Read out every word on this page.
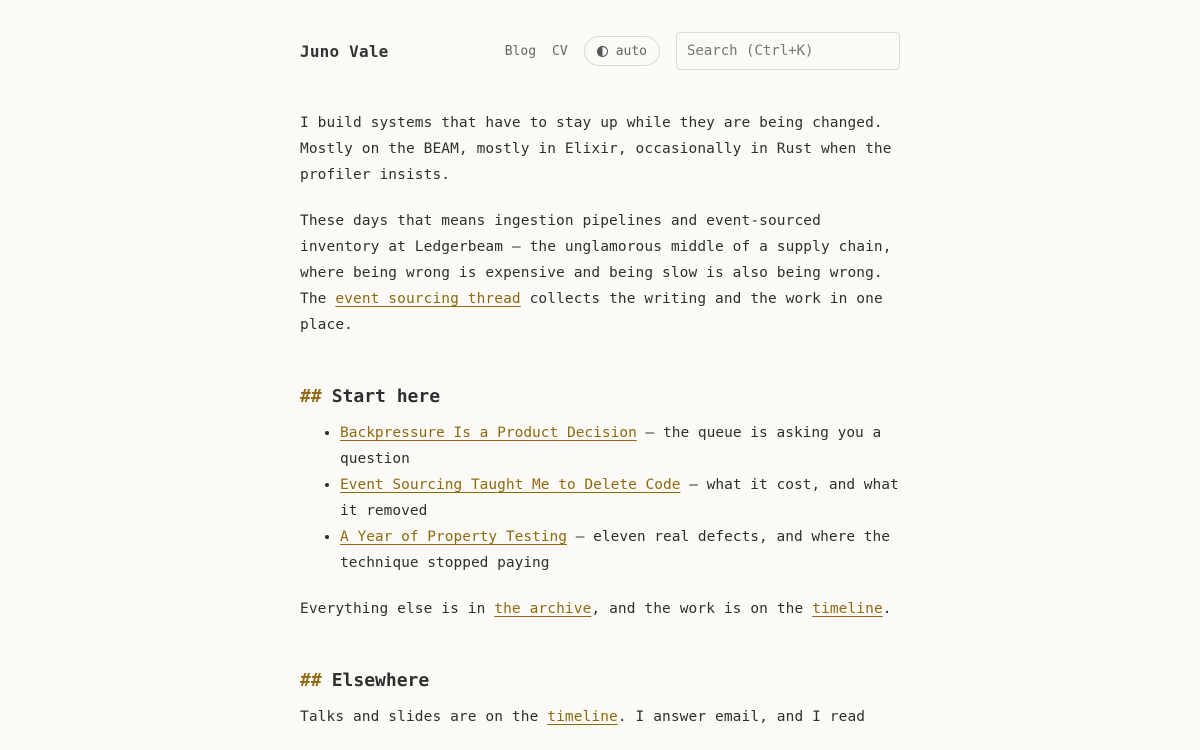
Juno Vale	Blog CV	auto
Search (Ctrl+K)

I build systems that have to stay up while they are being changed. Mostly on the BEAM, mostly in Elixir, occasionally in Rust when the profiler insists.

These days that means ingestion pipelines and event-sourced inventory at Ledgerbeam — the unglamorous middle of a supply chain, where being wrong is expensive and being slow is also being wrong. The event sourcing thread collects the writing and the work in one place.

## Start here
• Backpressure Is a Product Decision — the queue is asking you a question
• Event Sourcing Taught Me to Delete Code — what it cost, and what it removed
• A Year of Property Testing — eleven real defects, and where the technique stopped paying

Everything else is in the archive, and the work is on the timeline.

## Elsewhere

Talks and slides are on the timeline. I answer email, and I read
